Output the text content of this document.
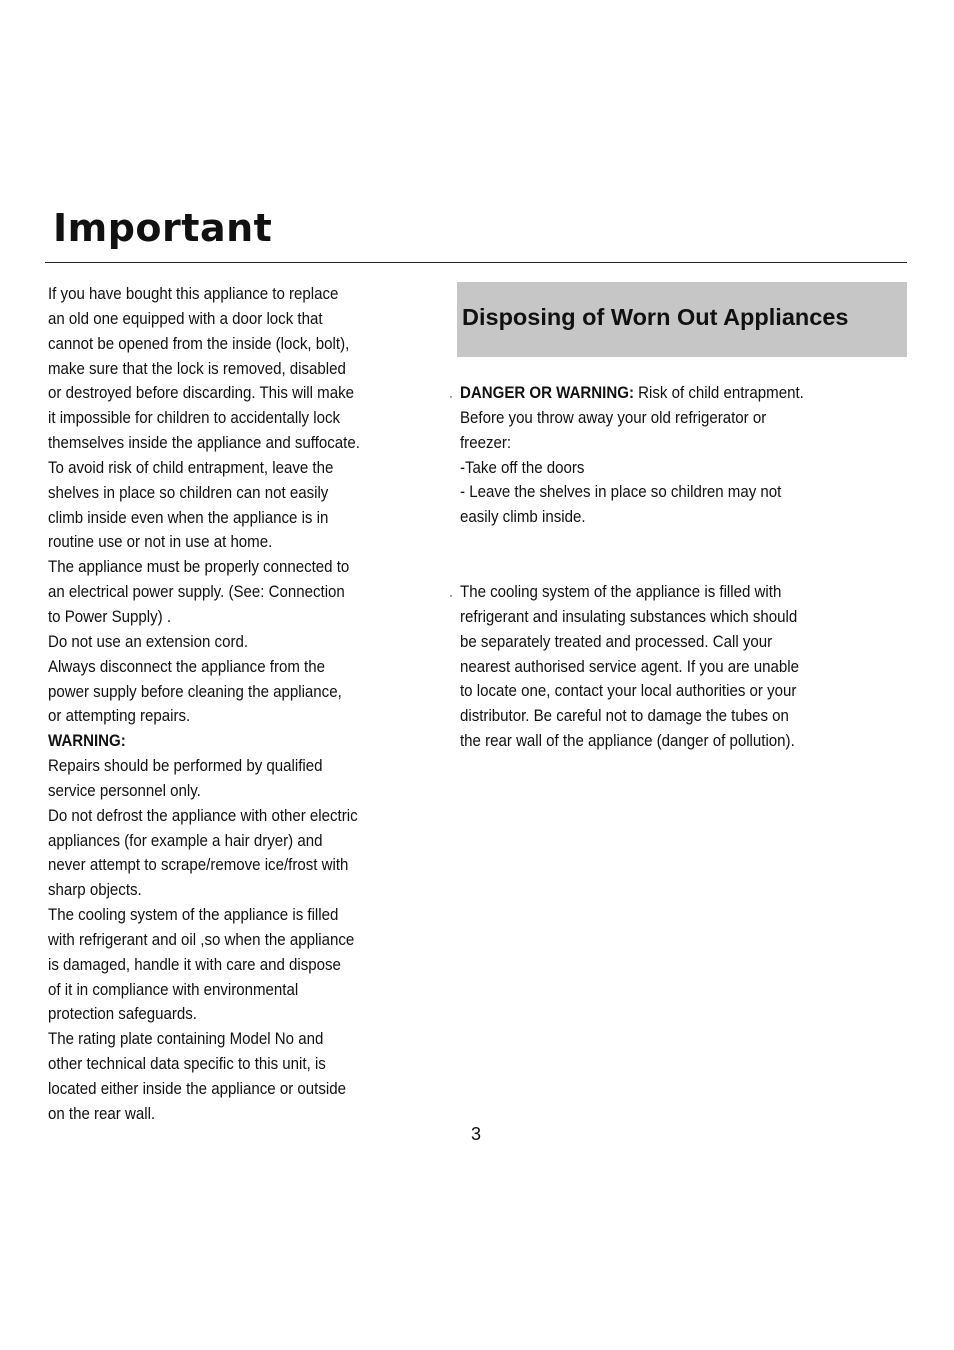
Important

If you have bought this appliance to replace
an old one equipped with a door lock that
cannot be opened from the inside (lock, bolt),
make sure that the lock is removed, disabled
or destroyed before discarding. This will make
it impossible for children to accidentally lock
themselves inside the appliance and suffocate.

To avoid risk of child entrapment, leave the
shelves in place so children can not easily
climb inside even when the appliance is in
routine use or not in use at home.

The appliance must be properly connected to
an electrical power supply. (See: Connection
to Power Supply) .

Do not use an extension cord.

Always disconnect the appliance from the
power supply before cleaning the appliance,
or attempting repairs.

WARNING:

Repairs should be performed by qualified
service personnel only.

Do not defrost the appliance with other electric
appliances (for example a hair dryer) and
never attempt to scrape/remove ice/frost with
sharp objects.

The cooling system of the appliance is filled
with refrigerant and oil ,so when the appliance
is damaged, handle it with care and dispose
of it in compliance with environmental
protection safeguards.

The rating plate containing Model No and
other technical data specific to this unit, is
located either inside the appliance or outside
on the rear wall.

Disposing of Worn Out Appliances
· DANGER OR WARNING: Risk of child entrapment.

Before you throw away your old refrigerator or
freezer:
-Take off the doors
- Leave the shelves in place so children may not
easily climb inside.

· The cooling system of the appliance is filled with
refrigerant and insulating substances which should
be separately treated and processed. Call your
nearest authorised service agent. If you are unable
to locate one, contact your local authorities or your
distributor. Be careful not to damage the tubes on
the rear wall of the appliance (danger of pollution).

3
